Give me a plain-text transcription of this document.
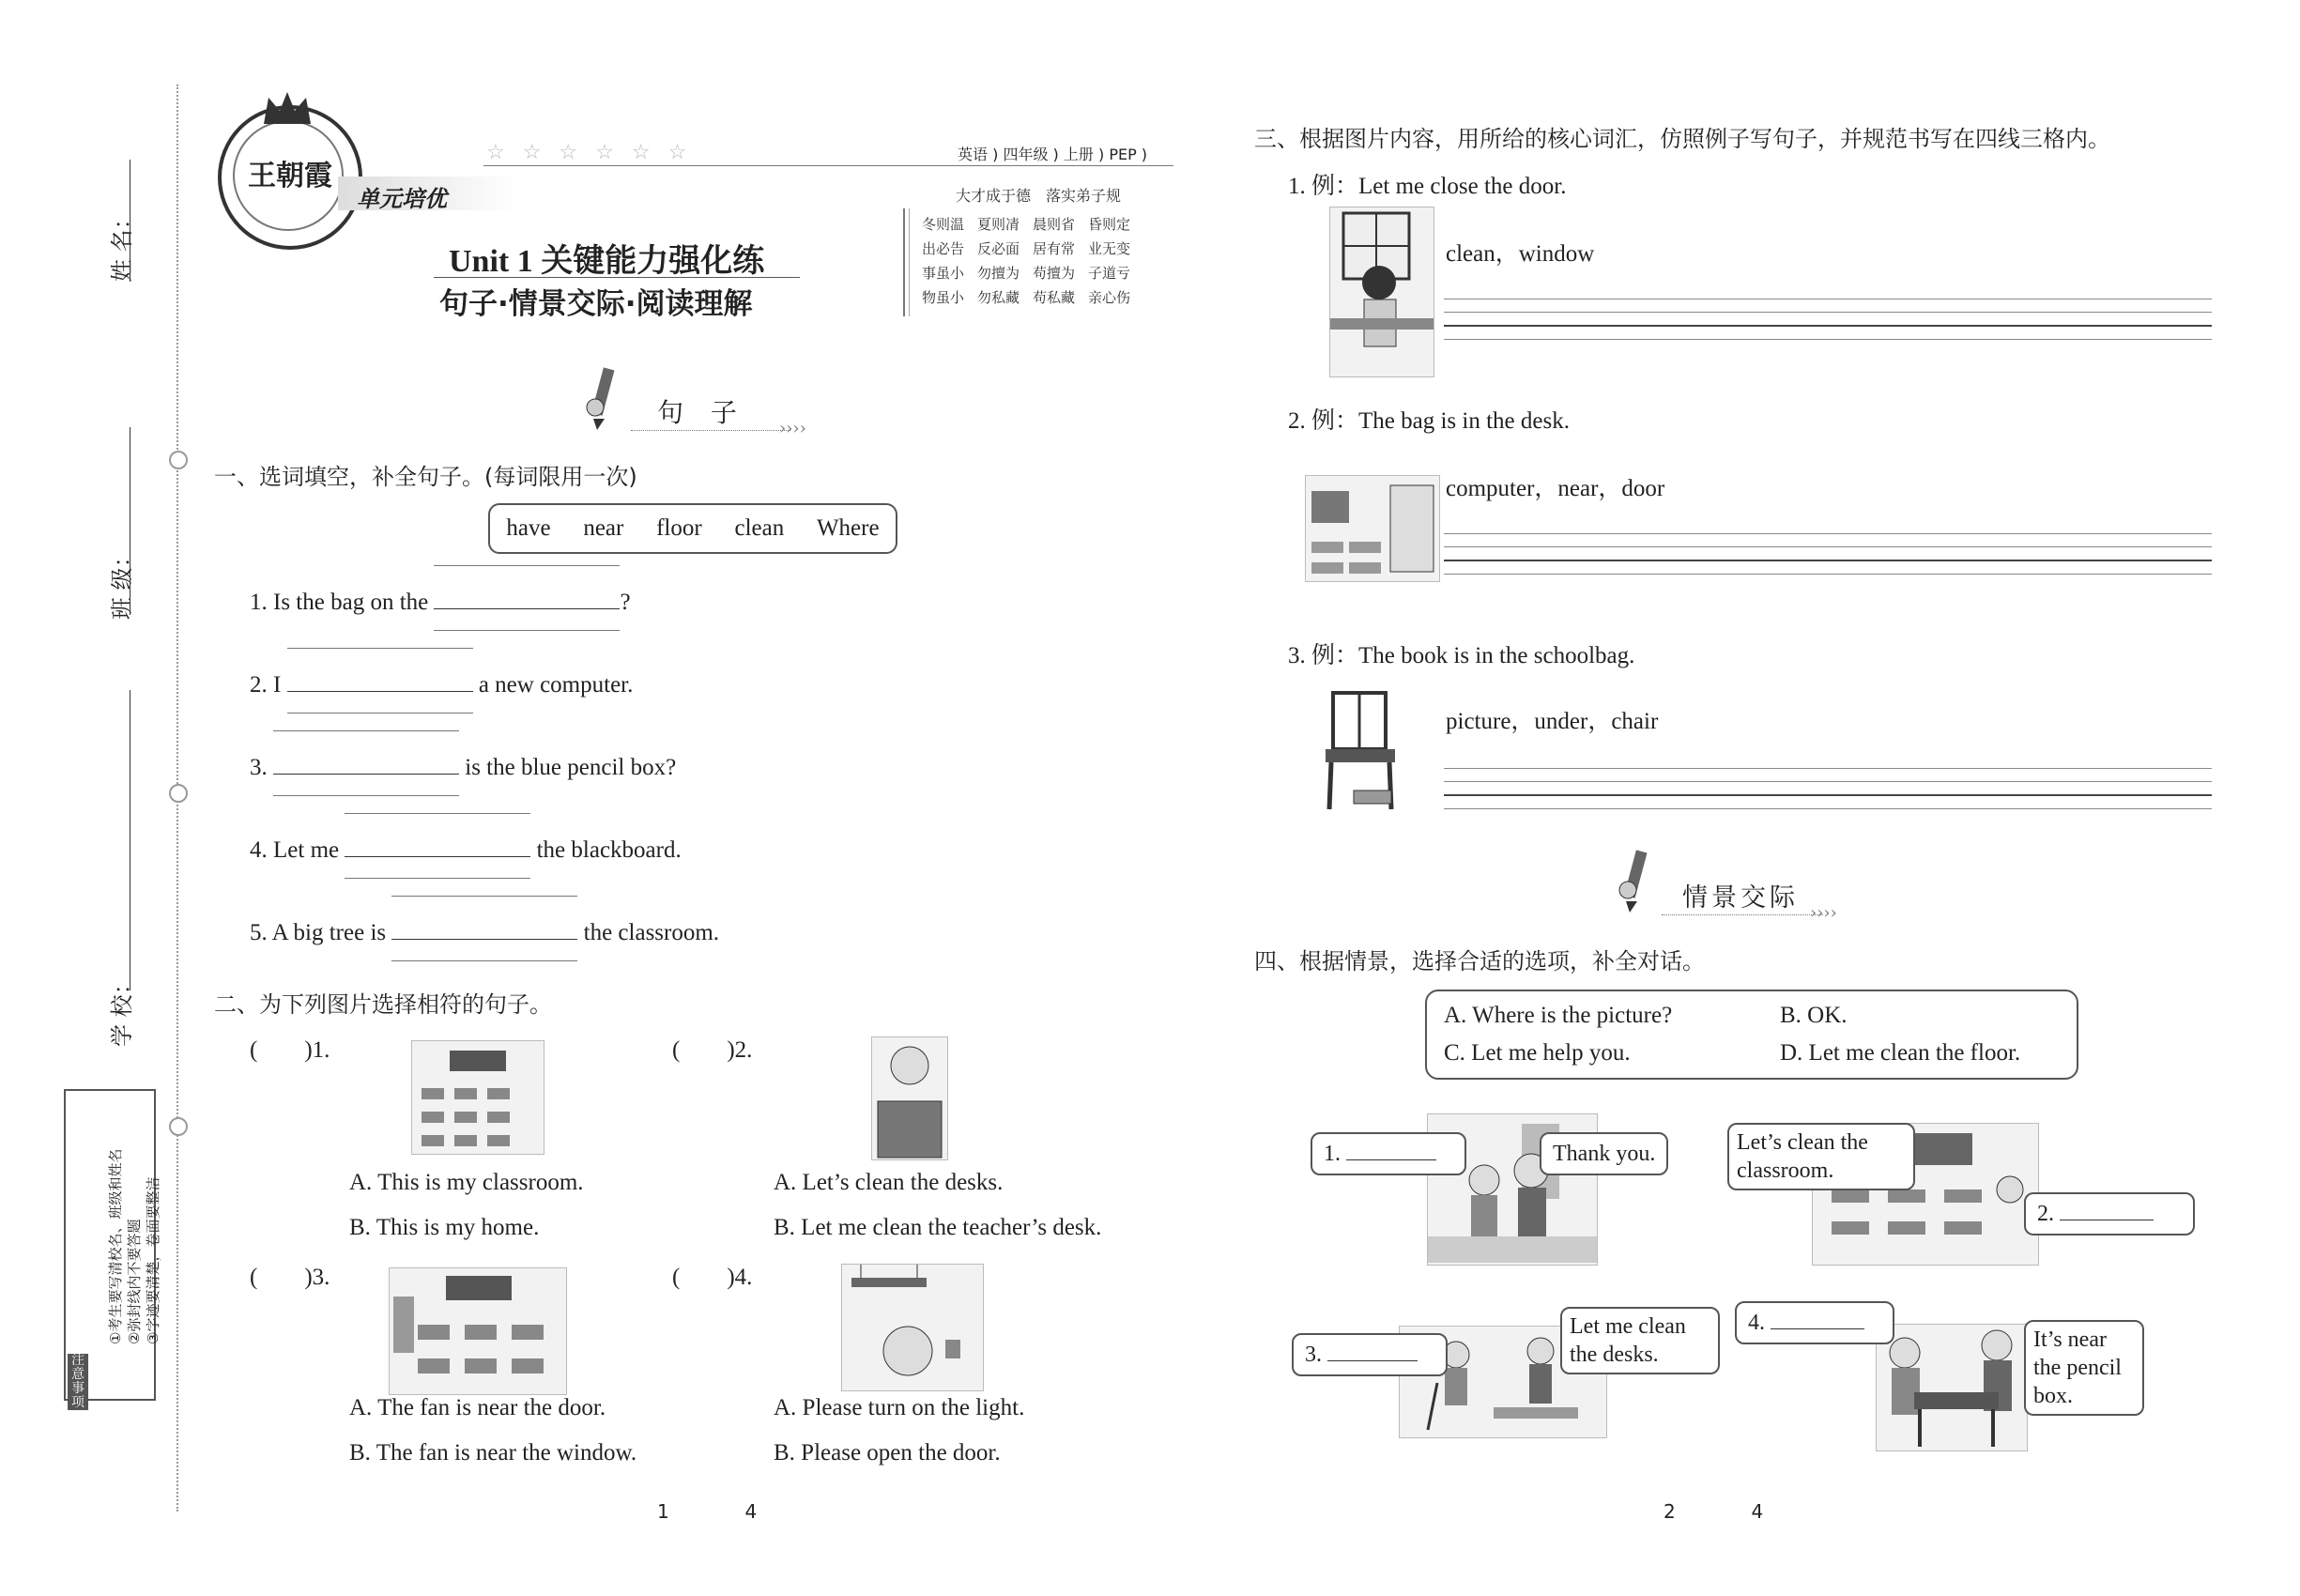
姓 名：
班 级：
学 校：
注意事项
①考生要写清校名、班级和姓名 ②弥封线内不要答题 ③字迹要清楚，卷面要整洁
王朝霞
单元培优
☆ ☆ ☆ ☆ ☆ ☆	英语 ) 四年级 ) 上册 ) PEP )
Unit 1 关键能力强化练
句子·情景交际·阅读理解
大才成于德　落实弟子规
冬则温	夏则凊	晨则省	昏则定
出必告	反必面	居有常	业无变
事虽小	勿擅为	苟擅为	子道亏
物虽小	勿私藏	苟私藏	亲心伤
句 子
››››
一、选词填空，补全句子。(每词限用一次)
have near floor clean Where
1. Is the bag on the	?
2. I	a new computer.
3.	is the blue pencil box?
4. Let me	the blackboard.
5. A big tree is	the classroom.
二、为下列图片选择相符的句子。
(　　)1.
A. This is my classroom.
B. This is my home.
(　　)2.
A. Let’s clean the desks.
B. Let me clean the teacher’s desk.
(　　)3.
A. The fan is near the door.
B. The fan is near the window.
(　　)4.
A. Please turn on the light.
B. Please open the door.
1	4
三、根据图片内容，用所给的核心词汇，仿照例子写句子，并规范书写在四线三格内。
1. 例：Let me close the door.
clean，window
2. 例：The bag is in the desk.
computer，near，door
3. 例：The book is in the schoolbag.
picture，under，chair
情景交际
››››
四、根据情景，选择合适的选项，补全对话。
A. Where is the picture?	B. OK.
C. Let me help you.	D. Let me clean the floor.
1.	Thank you.	Let’s clean the classroom.
2.
3.
Let me clean the desks.
4.
It’s near the pencil box.
2	4
